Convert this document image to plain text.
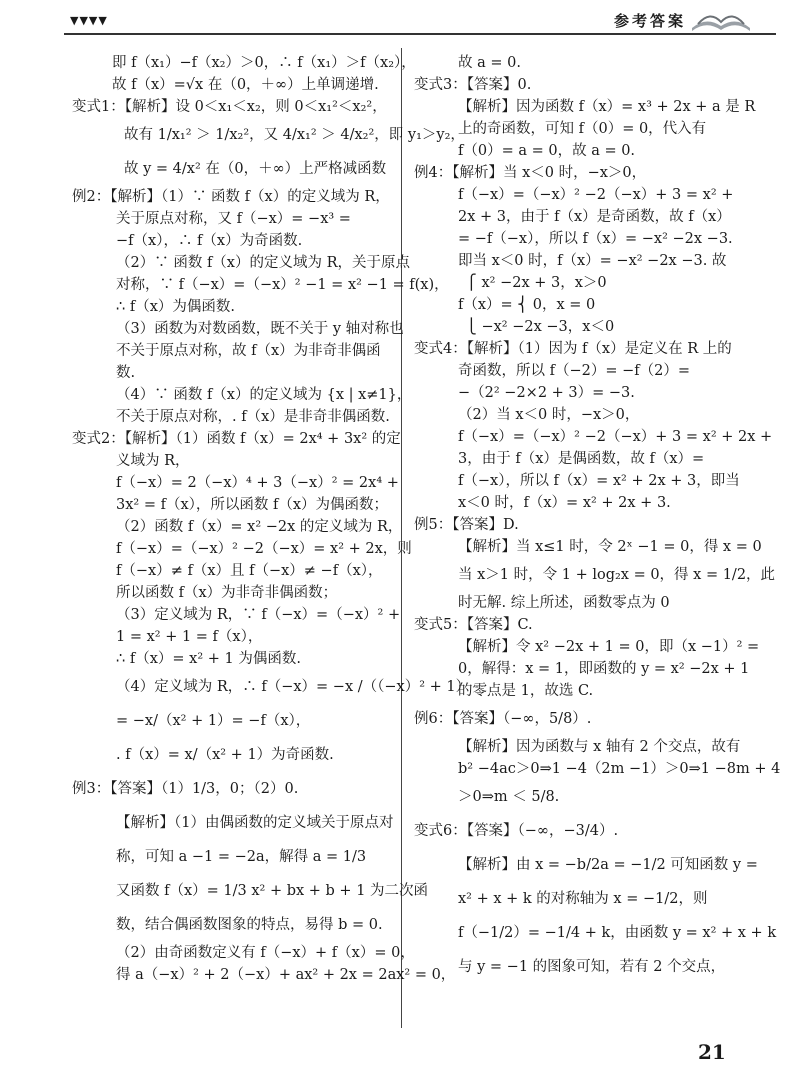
▼▼▼▼	参考答案
即 f（x₁）−f（x₂）＞0，∴ f（x₁）＞f（x₂），
故 f（x）=√x 在（0，＋∞）上单调递增.
变式1：【解析】设 0＜x₁＜x₂，则 0＜x₁²＜x₂²，
故有 1/x₁² ＞ 1/x₂²，又 4/x₁² ＞ 4/x₂²，即 y₁＞y₂，
故 y = 4/x² 在（0，＋∞）上严格减函数
例2：【解析】（1）∵ 函数 f（x）的定义域为 R，
关于原点对称，又 f（−x）= −x³ =
−f（x），∴ f（x）为奇函数.
（2）∵ 函数 f（x）的定义域为 R，关于原点
对称，∵ f（−x）=（−x）² −1 = x² −1 = f(x)，
∴ f（x）为偶函数.
（3）函数为对数函数，既不关于 y 轴对称也
不关于原点对称，故 f（x）为非奇非偶函
数.
（4）∵ 函数 f（x）的定义域为 {x | x≠1}，
不关于原点对称，. f（x）是非奇非偶函数.
变式2：【解析】（1）函数 f（x）= 2x⁴ + 3x² 的定
义域为 R，
f（−x）= 2（−x）⁴ + 3（−x）² = 2x⁴ +
3x² = f（x），所以函数 f（x）为偶函数；
（2）函数 f（x）= x² −2x 的定义域为 R，
f（−x）=（−x）² −2（−x）= x² + 2x，则
f（−x）≠ f（x）且 f（−x）≠ −f（x），
所以函数 f（x）为非奇非偶函数；
（3）定义域为 R，∵ f（−x）=（−x）² +
1 = x² + 1 = f（x），
∴ f（x）= x² + 1 为偶函数.
（4）定义域为 R，∴ f（−x）= −x /（（−x）² + 1）
= −x/（x² + 1）= −f（x），
. f（x）= x/（x² + 1）为奇函数.
例3：【答案】（1）1/3，0；（2）0.
【解析】（1）由偶函数的定义域关于原点对
称，可知 a −1 = −2a，解得 a = 1/3
又函数 f（x）= 1/3 x² + bx + b + 1 为二次函
数，结合偶函数图象的特点，易得 b = 0.
（2）由奇函数定义有 f（−x）+ f（x）= 0，
得 a（−x）² + 2（−x）+ ax² + 2x = 2ax² = 0，
故 a = 0.
变式3：【答案】0.
【解析】因为函数 f（x）= x³ + 2x + a 是 R
上的奇函数，可知 f（0）= 0，代入有
f（0）= a = 0，故 a = 0.
例4：【解析】当 x＜0 时，−x＞0，
f（−x）=（−x）² −2（−x）+ 3 = x² +
2x + 3，由于 f（x）是奇函数，故 f（x）
= −f（−x），所以 f（x）= −x² −2x −3.
即当 x＜0 时，f（x）= −x² −2x −3. 故
⎧ x² −2x + 3，x＞0
f（x）= ⎨ 0，x = 0
⎩ −x² −2x −3，x＜0
变式4：【解析】（1）因为 f（x）是定义在 R 上的
奇函数，所以 f（−2）= −f（2）=
−（2² −2×2 + 3）= −3.
（2）当 x＜0 时，−x＞0，
f（−x）=（−x）² −2（−x）+ 3 = x² + 2x +
3，由于 f（x）是偶函数，故 f（x）=
f（−x），所以 f（x）= x² + 2x + 3，即当
x＜0 时，f（x）= x² + 2x + 3.
例5：【答案】D.
【解析】当 x≤1 时，令 2ˣ −1 = 0，得 x = 0
当 x＞1 时，令 1 + log₂x = 0，得 x = 1/2，此
时无解. 综上所述，函数零点为 0
变式5：【答案】C.
【解析】令 x² −2x + 1 = 0，即（x −1）² =
0，解得：x = 1，即函数的 y = x² −2x + 1
的零点是 1，故选 C.
例6：【答案】（−∞，5/8）.
【解析】因为函数与 x 轴有 2 个交点，故有
b² −4ac＞0⇒1 −4（2m −1）＞0⇒1 −8m + 4
＞0⇒m ＜ 5/8.
变式6：【答案】（−∞，−3/4）.
【解析】由 x = −b/2a = −1/2 可知函数 y =
x² + x + k 的对称轴为 x = −1/2，则
f（−1/2）= −1/4 + k，由函数 y = x² + x + k
与 y = −1 的图象可知，若有 2 个交点，
21
